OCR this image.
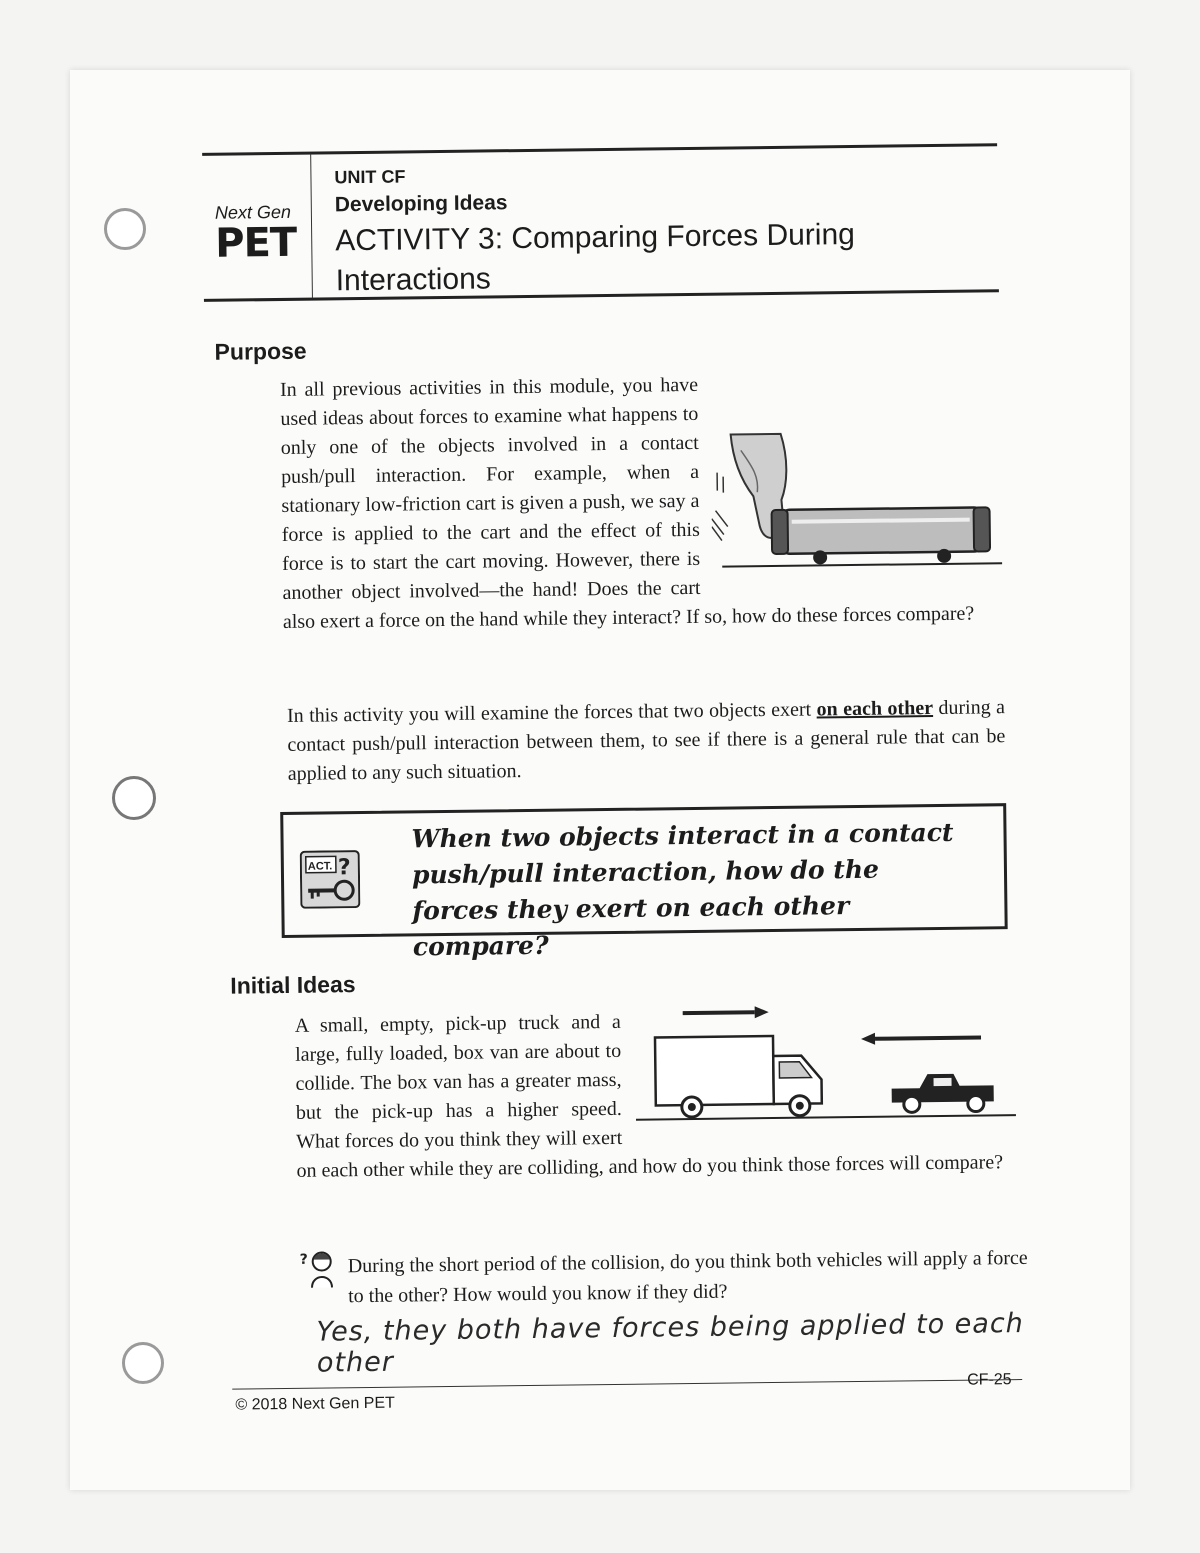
Next Gen
PET
UNIT CF
Developing Ideas
ACTIVITY 3: Comparing Forces During Interactions
Purpose
In all previous activities in this module, you have used ideas about forces to examine what happens to only one of the objects involved in a contact push/pull interaction. For example, when a stationary low-friction cart is given a push, we say a force is applied to the cart and the effect of this force is to start the cart moving. However, there is another object involved—the hand! Does the cart also exert a force on the hand while they interact? If so, how do these forces compare?
In this activity you will examine the forces that two objects exert on each other during a contact push/pull interaction between them, to see if there is a general rule that can be applied to any such situation.
ACT. ?
When two objects interact in a contact push/pull interaction, how do the forces they exert on each other compare?
Initial Ideas
A small, empty, pick-up truck and a large, fully loaded, box van are about to collide. The box van has a greater mass, but the pick-up has a higher speed. What forces do you think they will exert on each other while they are colliding, and how do you think those forces will compare?
? During the short period of the collision, do you think both vehicles will apply a force to the other? How would you know if they did?
Yes, they both have forces being applied to each other
© 2018 Next Gen PET
CF-25
